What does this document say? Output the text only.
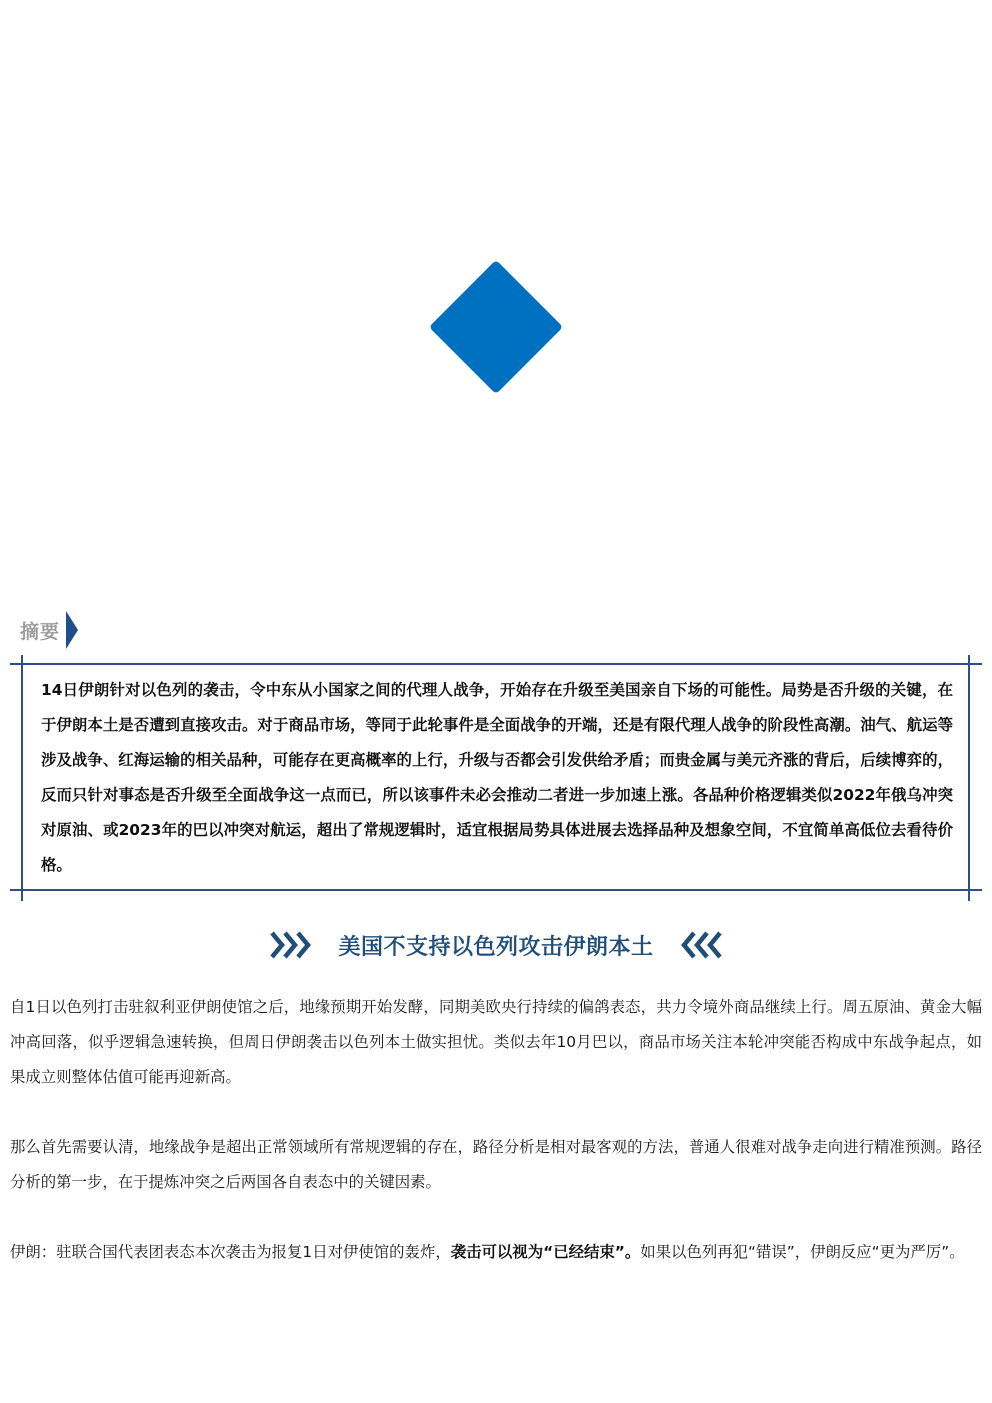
摘要

14日伊朗针对以色列的袭击，令中东从小国家之间的代理人战争，开始存在升级至美国亲自下场的可能性。局势是否升级的关键，在于伊朗本土是否遭到直接攻击。对于商品市场，等同于此轮事件是全面战争的开端，还是有限代理人战争的阶段性高潮。油气、航运等涉及战争、红海运输的相关品种，可能存在更高概率的上行，升级与否都会引发供给矛盾；而贵金属与美元齐涨的背后，后续博弈的，反而只针对事态是否升级至全面战争这一点而已，所以该事件未必会推动二者进一步加速上涨。各品种价格逻辑类似2022年俄乌冲突对原油、或2023年的巴以冲突对航运，超出了常规逻辑时，适宜根据局势具体进展去选择品种及想象空间，不宜简单高低位去看待价格。

美国不支持以色列攻击伊朗本土

自1日以色列打击驻叙利亚伊朗使馆之后，地缘预期开始发酵，同期美欧央行持续的偏鸽表态，共力令境外商品继续上行。周五原油、黄金大幅冲高回落，似乎逻辑急速转换，但周日伊朗袭击以色列本土做实担忧。类似去年10月巴以，商品市场关注本轮冲突能否构成中东战争起点，如果成立则整体估值可能再迎新高。

那么首先需要认清，地缘战争是超出正常领域所有常规逻辑的存在，路径分析是相对最客观的方法，普通人很难对战争走向进行精准预测。路径分析的第一步，在于提炼冲突之后两国各自表态中的关键因素。

伊朗：驻联合国代表团表态本次袭击为报复1日对伊使馆的轰炸，袭击可以视为“已经结束”。如果以色列再犯“错误”，伊朗反应“更为严厉”。
